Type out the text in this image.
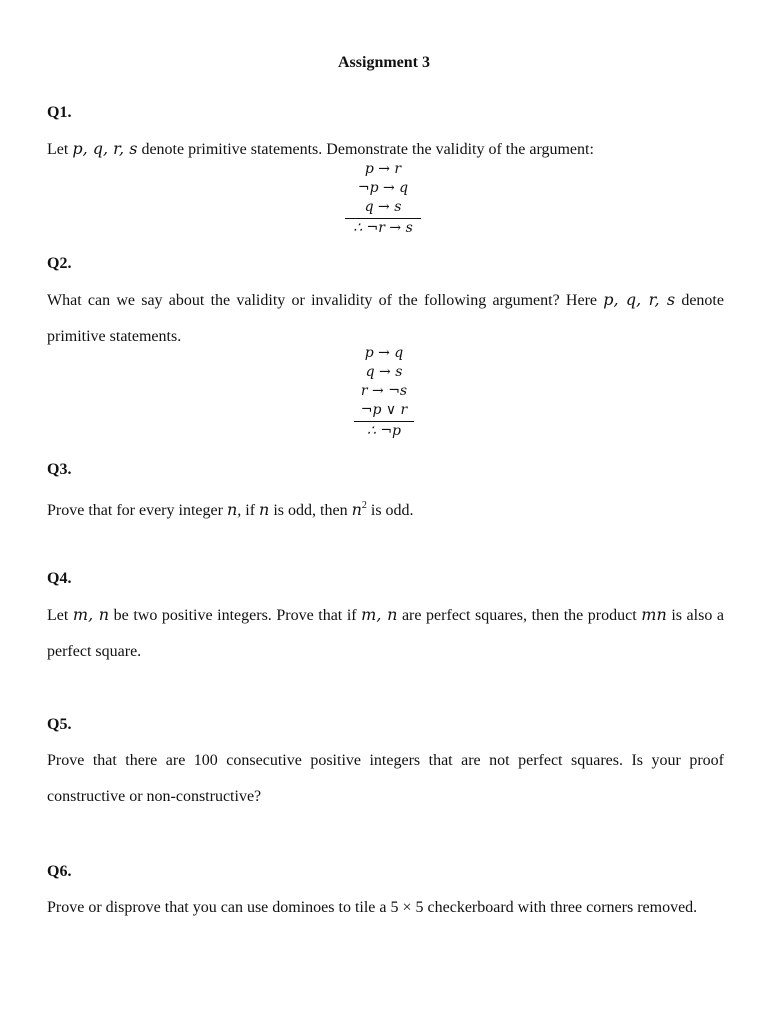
Assignment 3
Q1.
Let p, q, r, s denote primitive statements. Demonstrate the validity of the argument:
p → r
¬p → q
q → s
∴ ¬r → s
Q2.
What can we say about the validity or invalidity of the following argument? Here p, q, r, s denote primitive statements.
p → q
q → s
r → ¬s
¬p ∨ r
∴ ¬p
Q3.
Prove that for every integer n, if n is odd, then $n^2$ is odd.
Q4.
Let m, n be two positive integers. Prove that if m, n are perfect squares, then the product mn is also a perfect square.
Q5.
Prove that there are 100 consecutive positive integers that are not perfect squares. Is your proof constructive or non-constructive?
Q6.
Prove or disprove that you can use dominoes to tile a 5 × 5 checkerboard with three corners removed.
